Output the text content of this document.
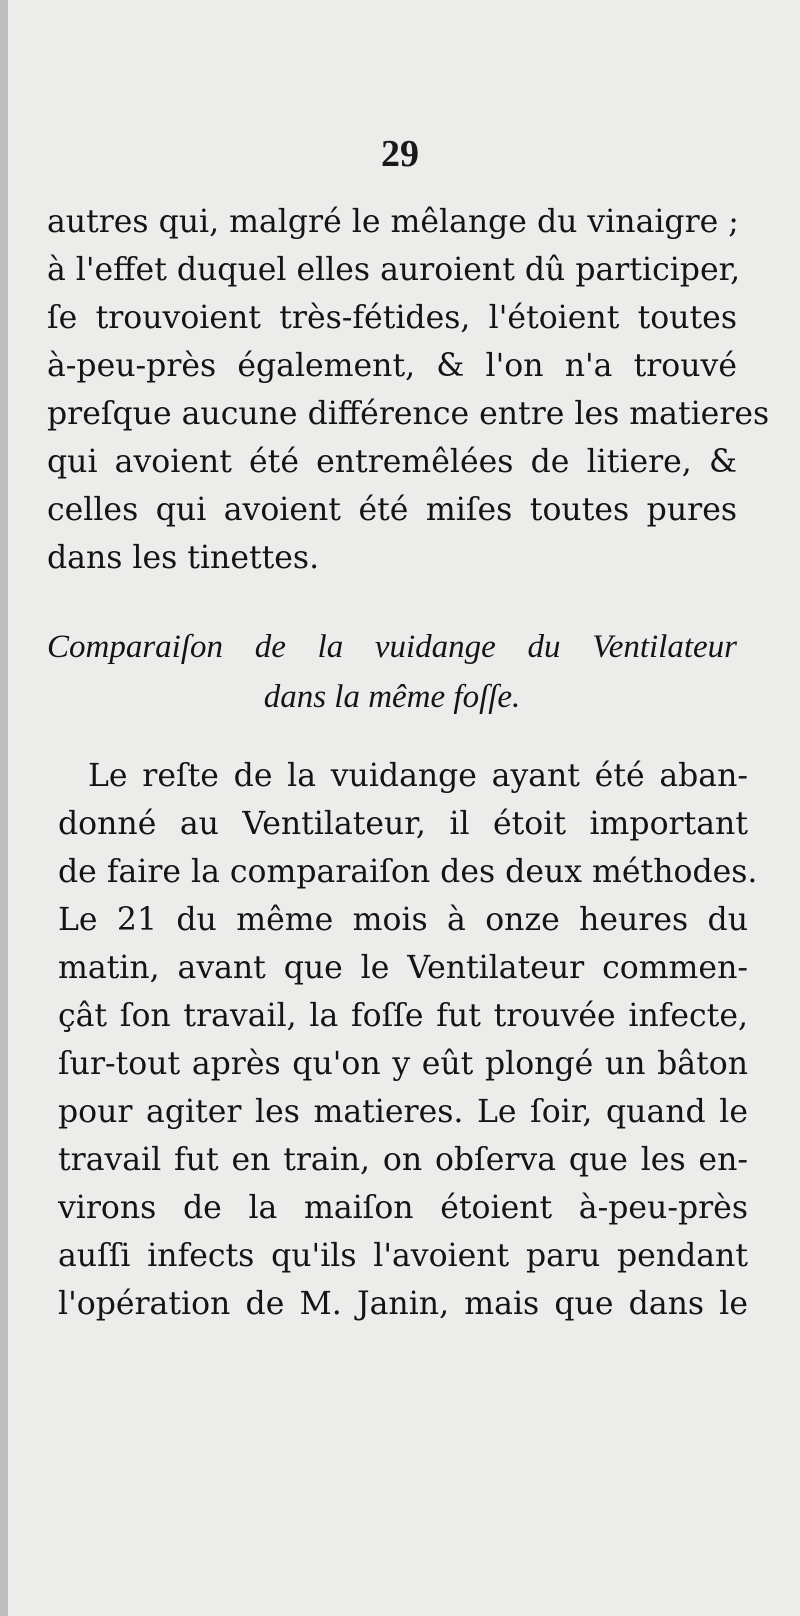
29
autres qui, malgré le mêlange du vinaigre ;
à l'effet duquel elles auroient dû participer,
ſe trouvoient très-fétides, l'étoient toutes
à-peu-près également, & l'on n'a trouvé
preſque aucune différence entre les matieres
qui avoient été entremêlées de litiere, &
celles qui avoient été miſes toutes pures
dans les tinettes.
Comparaiſon de la vuidange du Ventilateur
dans la même foſſe.
Le reſte de la vuidange ayant été aban-
donné au Ventilateur, il étoit important
de faire la comparaiſon des deux méthodes.
Le 21 du même mois à onze heures du
matin, avant que le Ventilateur commen-
çât ſon travail, la foſſe fut trouvée infecte,
ſur-tout après qu'on y eût plongé un bâton
pour agiter les matieres. Le ſoir, quand le
travail fut en train, on obſerva que les en-
virons de la maiſon étoient à-peu-près
auſſi infects qu'ils l'avoient paru pendant
l'opération de M. Janin, mais que dans le
